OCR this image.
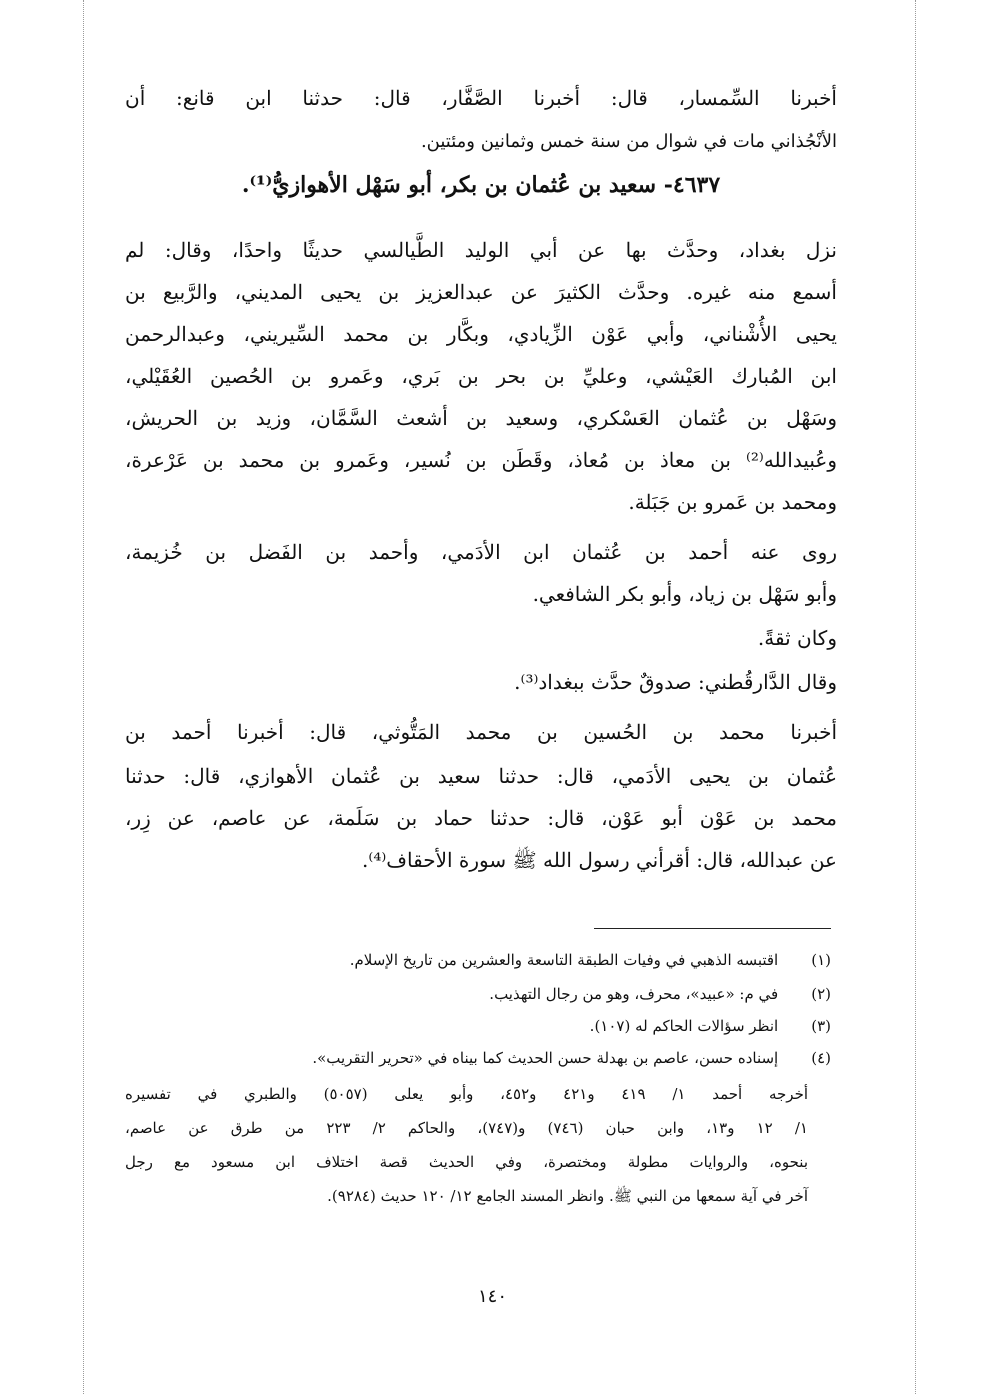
أخبرنا السِّمسار، قال: أخبرنا الصَّفَّار، قال: حدثنا ابن قانع: أن
الأنْجُذاني مات في شوال من سنة خمس وثمانين ومئتين.
٤٦٣٧- سعيد بن عُثمان بن بكر، أبو سَهْل الأهوازيُّ⁽¹⁾.
نزل بغداد، وحدَّث بها عن أبي الوليد الطَّيالسي حديثًا واحدًا، وقال: لم
أسمع منه غيره. وحدَّث الكثيرَ عن عبدالعزيز بن يحيى المديني، والرَّبيع بن
يحيى الأُشْناني، وأبي عَوْن الزِّيادي، وبكَّار بن محمد السِّيريني، وعبدالرحمن
ابن المُبارك العَيْشي، وعليِّ بن بحر بن بَري، وعَمرو بن الحُصين العُقَيْلي،
وسَهْل بن عُثمان العَسْكري، وسعيد بن أشعث السَّمَّان، وزيد بن الحريش،
وعُبيدالله⁽²⁾ بن معاذ بن مُعاذ، وقَطَن بن نُسير، وعَمرو بن محمد بن عَرْعرة،
ومحمد بن عَمرو بن جَبَلة.
روى عنه أحمد بن عُثمان ابن الأدَمي، وأحمد بن الفَضل بن خُزيمة،
وأبو سَهْل بن زياد، وأبو بكر الشافعي.
وكان ثقةً.
وقال الدَّارقُطني: صدوقٌ حدَّث ببغداد⁽³⁾.
أخبرنا محمد بن الحُسين بن محمد المَتُّوثي، قال: أخبرنا أحمد بن
عُثمان بن يحيى الأدَمي، قال: حدثنا سعيد بن عُثمان الأهوازي، قال: حدثنا
محمد بن عَوْن أبو عَوْن، قال: حدثنا حماد بن سَلَمة، عن عاصم، عن زِر،
عن عبدالله، قال: أقرأني رسول الله ﷺ سورة الأحقاف⁽⁴⁾.
(١) اقتبسه الذهبي في وفيات الطبقة التاسعة والعشرين من تاريخ الإسلام.
(٢) في م: «عبيد»، محرف، وهو من رجال التهذيب.
(٣) انظر سؤالات الحاكم له (١٠٧).
(٤) إسناده حسن، عاصم بن بهدلة حسن الحديث كما بيناه في «تحرير التقريب».
أخرجه أحمد ١/ ٤١٩ و٤٢١ و٤٥٢، وأبو يعلى (٥٠٥٧) والطبري في تفسيره
١/ ١٢ و١٣، وابن حبان (٧٤٦) و(٧٤٧)، والحاكم ٢/ ٢٢٣ من طرق عن عاصم،
بنحوه، والروايات مطولة ومختصرة، وفي الحديث قصة اختلاف ابن مسعود مع رجل
آخر في آية سمعها من النبي ﷺ. وانظر المسند الجامع ١٢/ ١٢٠ حديث (٩٢٨٤).
١٤٠
